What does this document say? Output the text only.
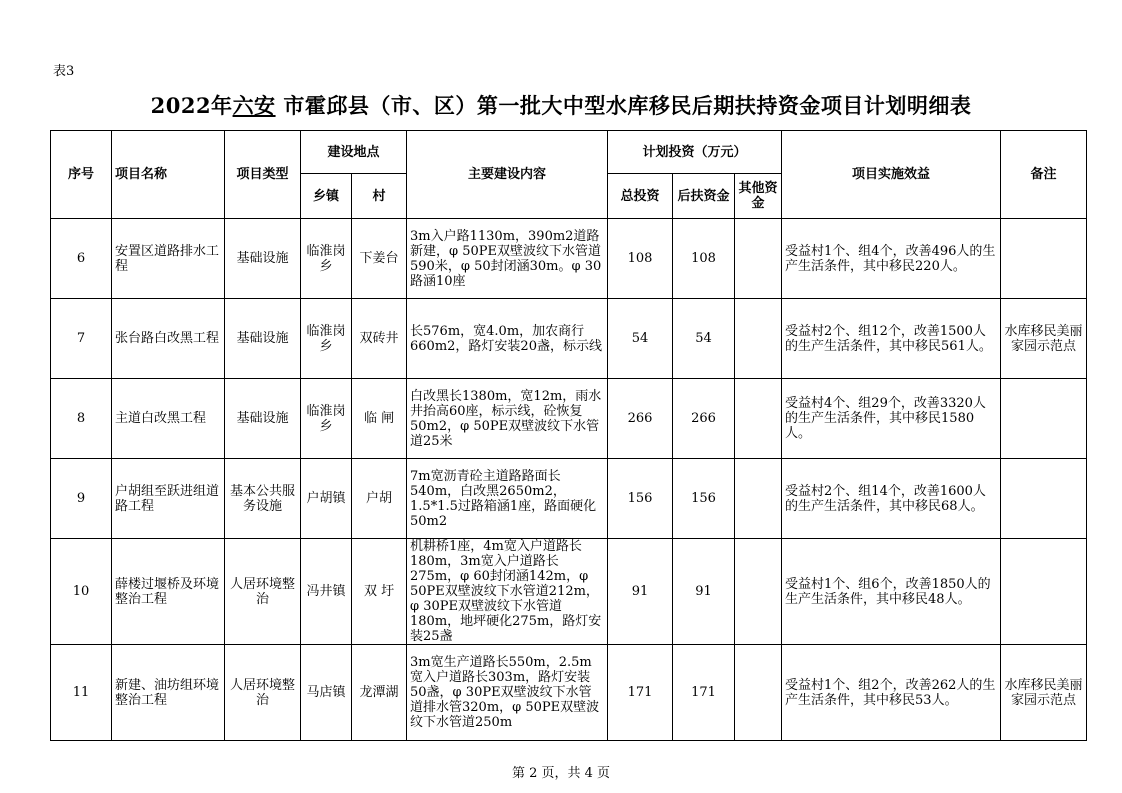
表3
2022年六安 市霍邱县（市、区）第一批大中型水库移民后期扶持资金项目计划明细表
序号	项目名称	项目类型	建设地点		主要建设内容	计划投资（万元）			项目实施效益	备注
			乡镇	村		总投资	后扶资金	其他资金		
6	安置区道路排水工程	基础设施	临淮岗乡	下姜台	3m入户路1130m，390m2道路新建，φ 50PE双壁波纹下水管道590米，φ 50封闭涵30m。φ 30路涵10座	108	108		受益村1个、组4个，改善496人的生产生活条件，其中移民220人。	
7	张台路白改黑工程	基础设施	临淮岗乡	双砖井	长576m，宽4.0m，加农商行660m2，路灯安装20盏，标示线	54	54		受益村2个、组12个，改善1500人的生产生活条件，其中移民561人。	水库移民美丽家园示范点
8	主道白改黑工程	基础设施	临淮岗乡	临 闸	白改黑长1380m，宽12m，雨水井抬高60座，标示线，砼恢复50m2，φ 50PE双壁波纹下水管道25米	266	266		受益村4个、组29个，改善3320人的生产生活条件，其中移民1580人。	
9	户胡组至跃进组道路工程	基本公共服务设施	户胡镇	户胡	7m宽沥青砼主道路路面长540m，白改黑2650m2，1.5*1.5过路箱涵1座，路面硬化50m2	156	156		受益村2个、组14个，改善1600人的生产生活条件，其中移民68人。	
10	薛楼过堰桥及环境整治工程	人居环境整治	冯井镇	双 圩	机耕桥1座，4m宽入户道路长180m，3m宽入户道路长275m，φ 60封闭涵142m，φ 50PE双壁波纹下水管道212m，φ 30PE双壁波纹下水管道180m，地坪硬化275m，路灯安装25盏	91	91		受益村1个、组6个，改善1850人的生产生活条件，其中移民48人。	
11	新建、油坊组环境整治工程	人居环境整治	马店镇	龙潭湖	3m宽生产道路长550m，2.5m宽入户道路长303m，路灯安装50盏，φ 30PE双壁波纹下水管道排水管320m，φ 50PE双壁波纹下水管道250m	171	171		受益村1个、组2个，改善262人的生产生活条件，其中移民53人。	水库移民美丽家园示范点
第 2 页，共 4 页
